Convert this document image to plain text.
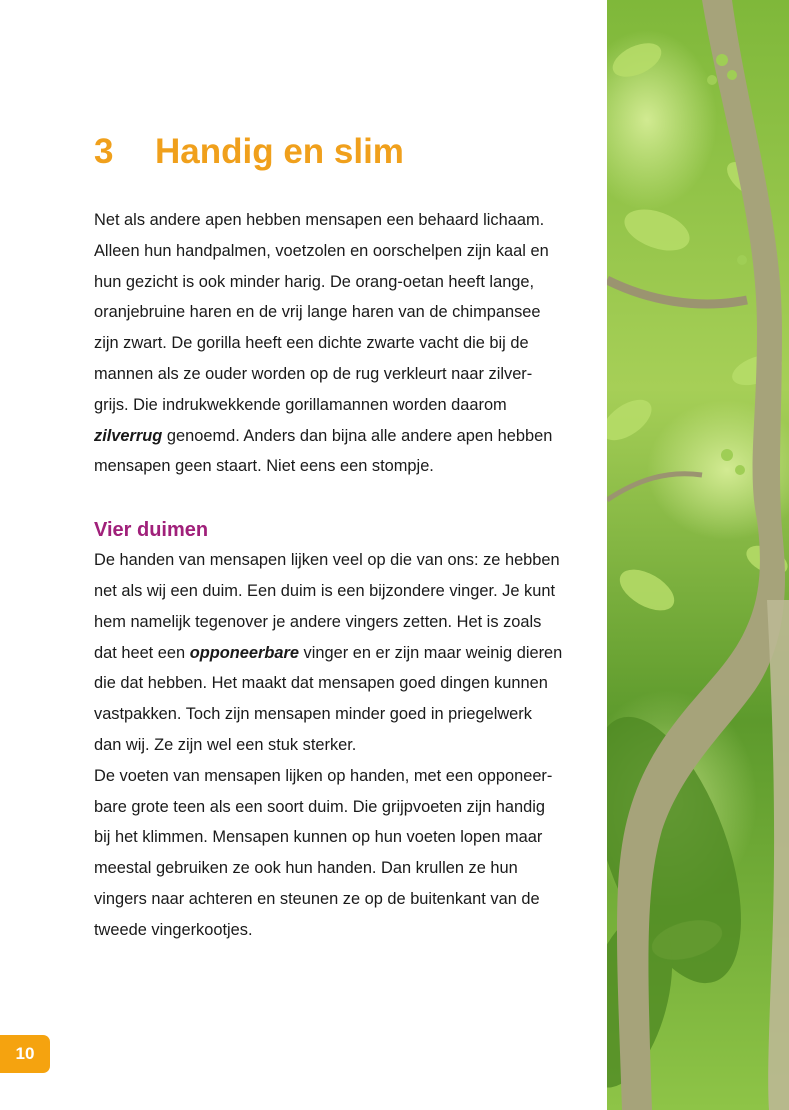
3 Handig en slim

Net als andere apen hebben mensapen een behaard lichaam.
Alleen hun handpalmen, voetzolen en oorschelpen zijn kaal en
hun gezicht is ook minder harig. De orang-oetan heeft lange,
oranjebruine haren en de vrij lange haren van de chimpansee
zijn zwart. De gorilla heeft een dichte zwarte vacht die bij de
mannen als ze ouder worden op de rug verkleurt naar zilver-
grijs. Die indrukwekkende gorillamannen worden daarom
zilverrug genoemd. Anders dan bijna alle andere apen hebben
mensapen geen staart. Niet eens een stompje.

Vier duimen

De handen van mensapen lijken veel op die van ons: ze hebben
net als wij een duim. Een duim is een bijzondere vinger. Je kunt
hem namelijk tegenover je andere vingers zetten. Het is zoals
dat heet een opponeerbare vinger en er zijn maar weinig dieren
die dat hebben. Het maakt dat mensapen goed dingen kunnen
vastpakken. Toch zijn mensapen minder goed in priegelwerk
dan wij. Ze zijn wel een stuk sterker.

De voeten van mensapen lijken op handen, met een opponeer-
bare grote teen als een soort duim. Die grijpvoeten zijn handig
bij het klimmen. Mensapen kunnen op hun voeten lopen maar
meestal gebruiken ze ook hun handen. Dan krullen ze hun
vingers naar achteren en steunen ze op de buitenkant van de
tweede vingerkootjes.

10
